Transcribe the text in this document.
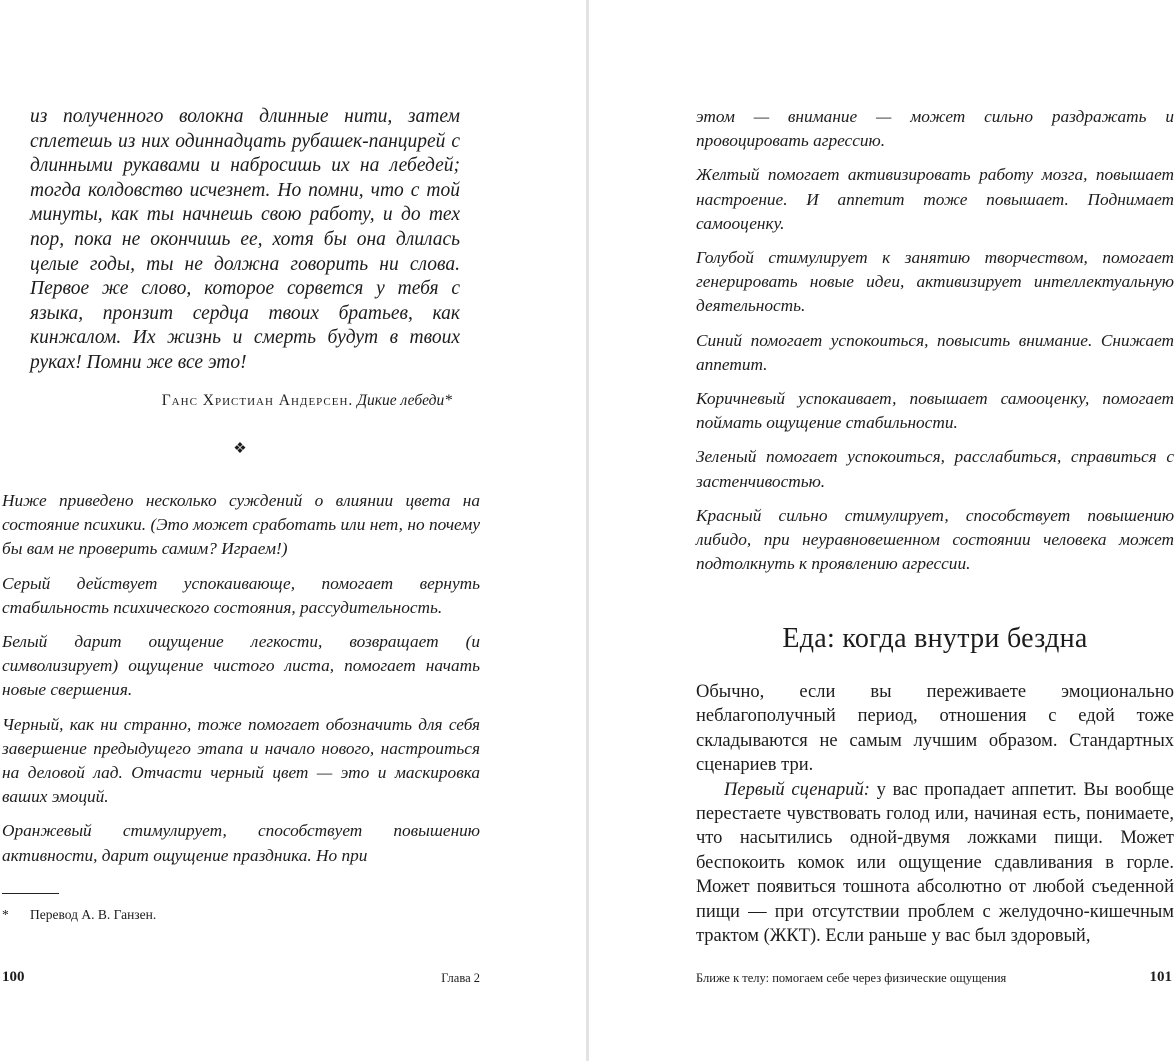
из полученного волокна длинные нити, затем сплетешь из них одиннадцать рубашек-панцирей с длинными рукавами и набросишь их на лебедей; тогда колдовство исчезнет. Но помни, что с той минуты, как ты начнешь свою работу, и до тех пор, пока не окончишь ее, хотя бы она длилась целые годы, ты не должна говорить ни слова. Первое же слово, которое сорвется у тебя с языка, пронзит сердца твоих братьев, как кинжалом. Их жизнь и смерть будут в твоих руках! Помни же все это!
Ганс Христиан Андерсен. Дикие лебеди*
❖

Ниже приведено несколько суждений о влиянии цвета на состояние психики. (Это может сработать или нет, но почему бы вам не проверить самим? Играем!)

Серый действует успокаивающе, помогает вернуть стабильность психического состояния, рассудительность.

Белый дарит ощущение легкости, возвращает (и символизирует) ощущение чистого листа, помогает начать новые свершения.

Черный, как ни странно, тоже помогает обозначить для себя завершение предыдущего этапа и начало нового, настроиться на деловой лад. Отчасти черный цвет — это и маскировка ваших эмоций.

Оранжевый стимулирует, способствует повышению активности, дарит ощущение праздника. Но при

* Перевод А. В. Ганзен.
100	Глава 2

этом — внимание — может сильно раздражать и провоцировать агрессию.

Желтый помогает активизировать работу мозга, повышает настроение. И аппетит тоже повышает. Поднимает самооценку.

Голубой стимулирует к занятию творчеством, помогает генерировать новые идеи, активизирует интеллектуальную деятельность.

Синий помогает успокоиться, повысить внимание. Снижает аппетит.

Коричневый успокаивает, повышает самооценку, помогает поймать ощущение стабильности.

Зеленый помогает успокоиться, расслабиться, справиться с застенчивостью.

Красный сильно стимулирует, способствует повышению либидо, при неуравновешенном состоянии человека может подтолкнуть к проявлению агрессии.

Еда: когда внутри бездна

Обычно, если вы переживаете эмоционально неблагополучный период, отношения с едой тоже складываются не самым лучшим образом. Стандартных сценариев три.

Первый сценарий: у вас пропадает аппетит. Вы вообще перестаете чувствовать голод или, начиная есть, понимаете, что насытились одной-двумя ложками пищи. Может беспокоить комок или ощущение сдавливания в горле. Может появиться тошнота абсолютно от любой съеденной пищи — при отсутствии проблем с желудочно-кишечным трактом (ЖКТ). Если раньше у вас был здоровый,

Ближе к телу: помогаем себе через физические ощущения	101
